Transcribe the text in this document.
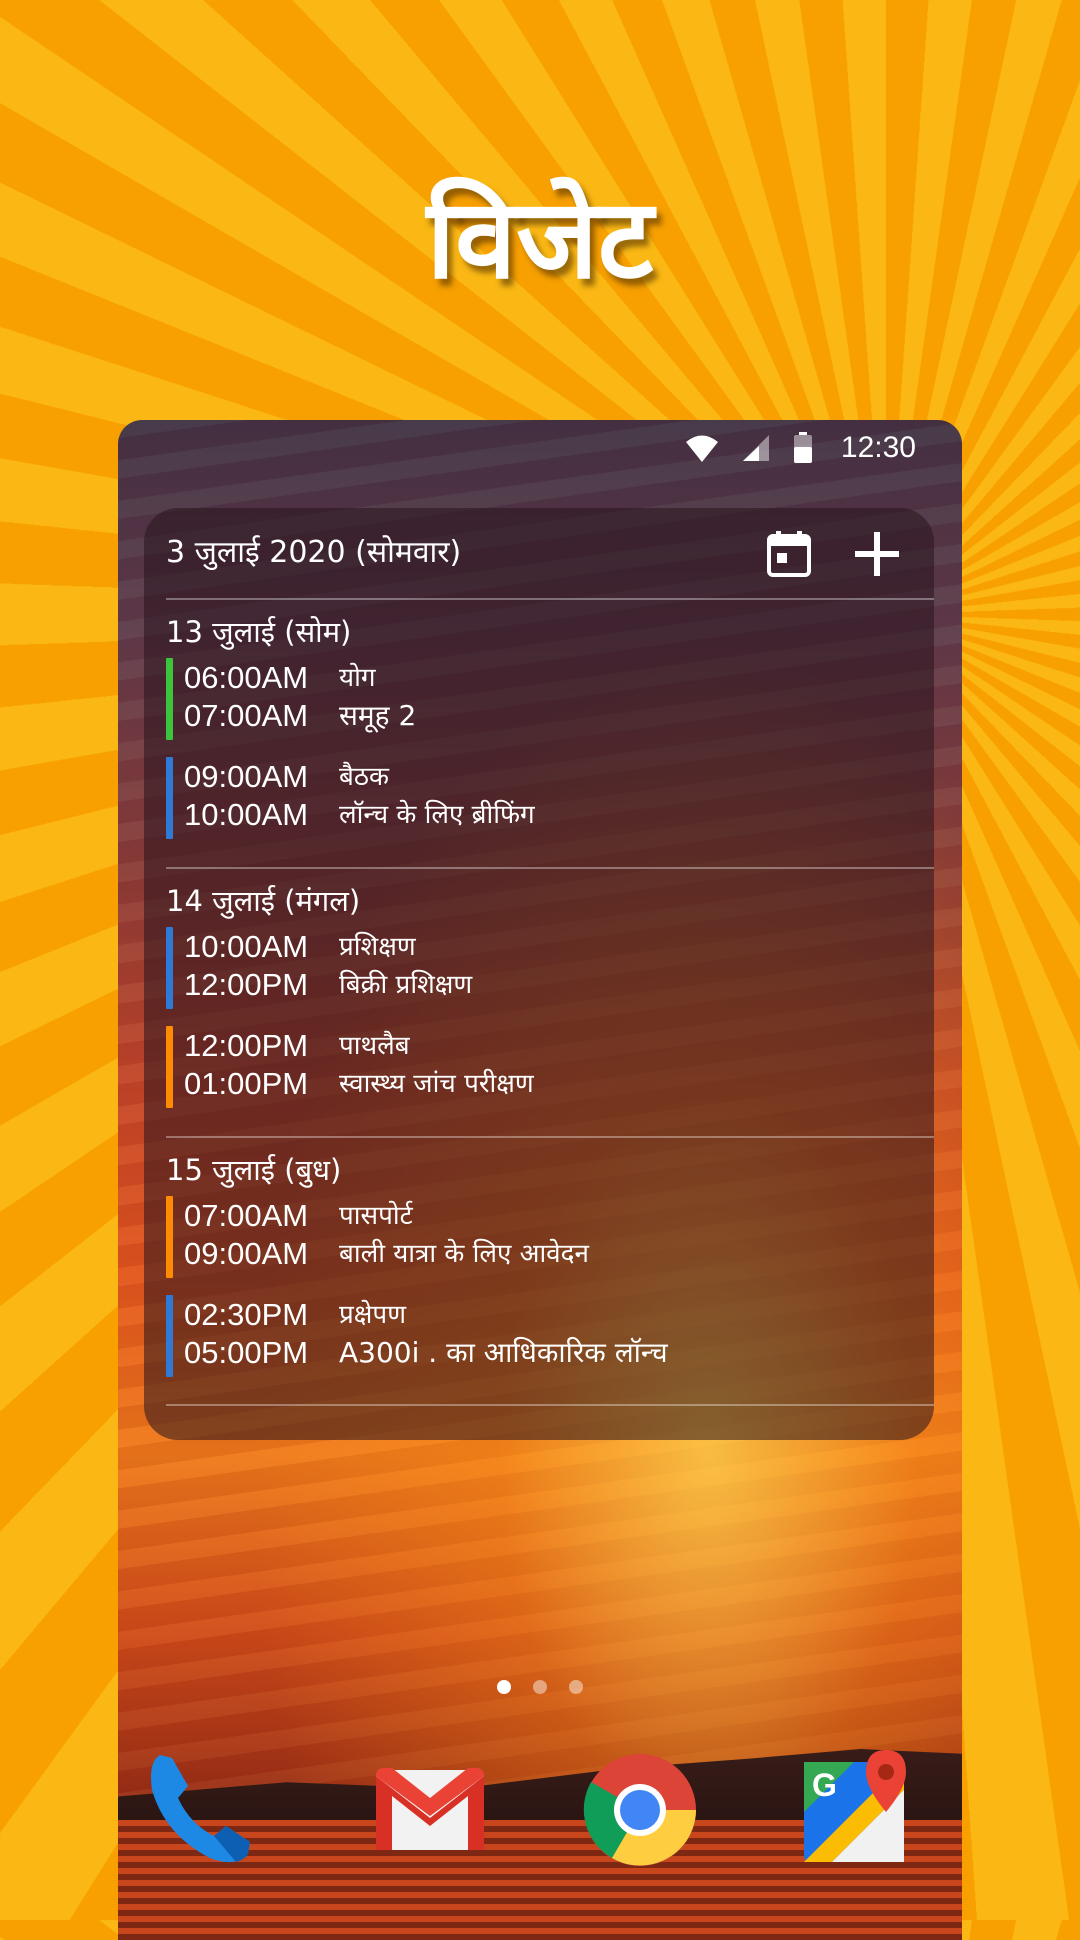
विजेट
12:30
3 जुलाई 2020 (सोमवार)
13 जुलाई (सोम)
06:00AM
07:00AM
योग
समूह 2
09:00AM
10:00AM
बैठक
लॉन्च के लिए ब्रीफिंग
14 जुलाई (मंगल)
10:00AM
12:00PM
प्रशिक्षण
बिक्री प्रशिक्षण
12:00PM
01:00PM
पाथलैब
स्वास्थ्य जांच परीक्षण
15 जुलाई (बुध)
07:00AM
09:00AM
पासपोर्ट
बाली यात्रा के लिए आवेदन
02:30PM
05:00PM
प्रक्षेपण
A300i . का आधिकारिक लॉन्च
G
